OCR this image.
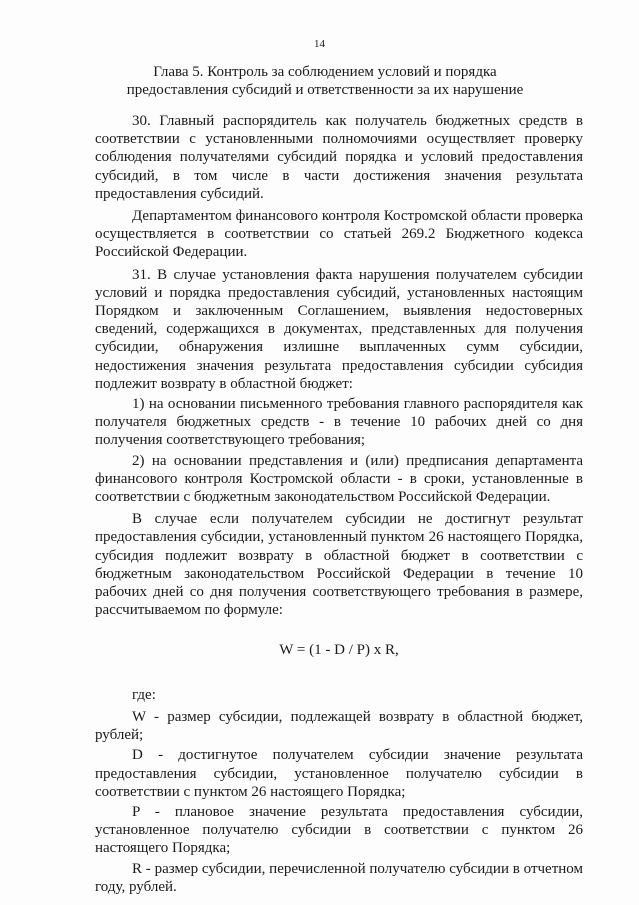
14
Глава 5. Контроль за соблюдением условий и порядка
предоставления субсидий и ответственности за их нарушение

30. Главный распорядитель как получатель бюджетных средств в соответствии с установленными полномочиями осуществляет проверку соблюдения получателями субсидий порядка и условий предоставления субсидий, в том числе в части достижения значения результата предоставления субсидий.

Департаментом финансового контроля Костромской области проверка осуществляется в соответствии со статьей 269.2 Бюджетного кодекса Российской Федерации.

31. В случае установления факта нарушения получателем субсидии условий и порядка предоставления субсидий, установленных настоящим Порядком и заключенным Соглашением, выявления недостоверных сведений, содержащихся в документах, представленных для получения субсидии, обнаружения излишне выплаченных сумм субсидии, недостижения значения результата предоставления субсидии субсидия подлежит возврату в областной бюджет:

1) на основании письменного требования главного распорядителя как получателя бюджетных средств - в течение 10 рабочих дней со дня получения соответствующего требования;

2) на основании представления и (или) предписания департамента финансового контроля Костромской области - в сроки, установленные в соответствии с бюджетным законодательством Российской Федерации.

В случае если получателем субсидии не достигнут результат предоставления субсидии, установленный пунктом 26 настоящего Порядка, субсидия подлежит возврату в областной бюджет в соответствии с бюджетным законодательством Российской Федерации в течение 10 рабочих дней со дня получения соответствующего требования в размере, рассчитываемом по формуле:

W = (1 - D / P) x R,

где:

W - размер субсидии, подлежащей возврату в областной бюджет, рублей;

D - достигнутое получателем субсидии значение результата предоставления субсидии, установленное получателю субсидии в соответствии с пунктом 26 настоящего Порядка;

P - плановое значение результата предоставления субсидии, установленное получателю субсидии в соответствии с пунктом 26 настоящего Порядка;

R - размер субсидии, перечисленной получателю субсидии в отчетном году, рублей.
